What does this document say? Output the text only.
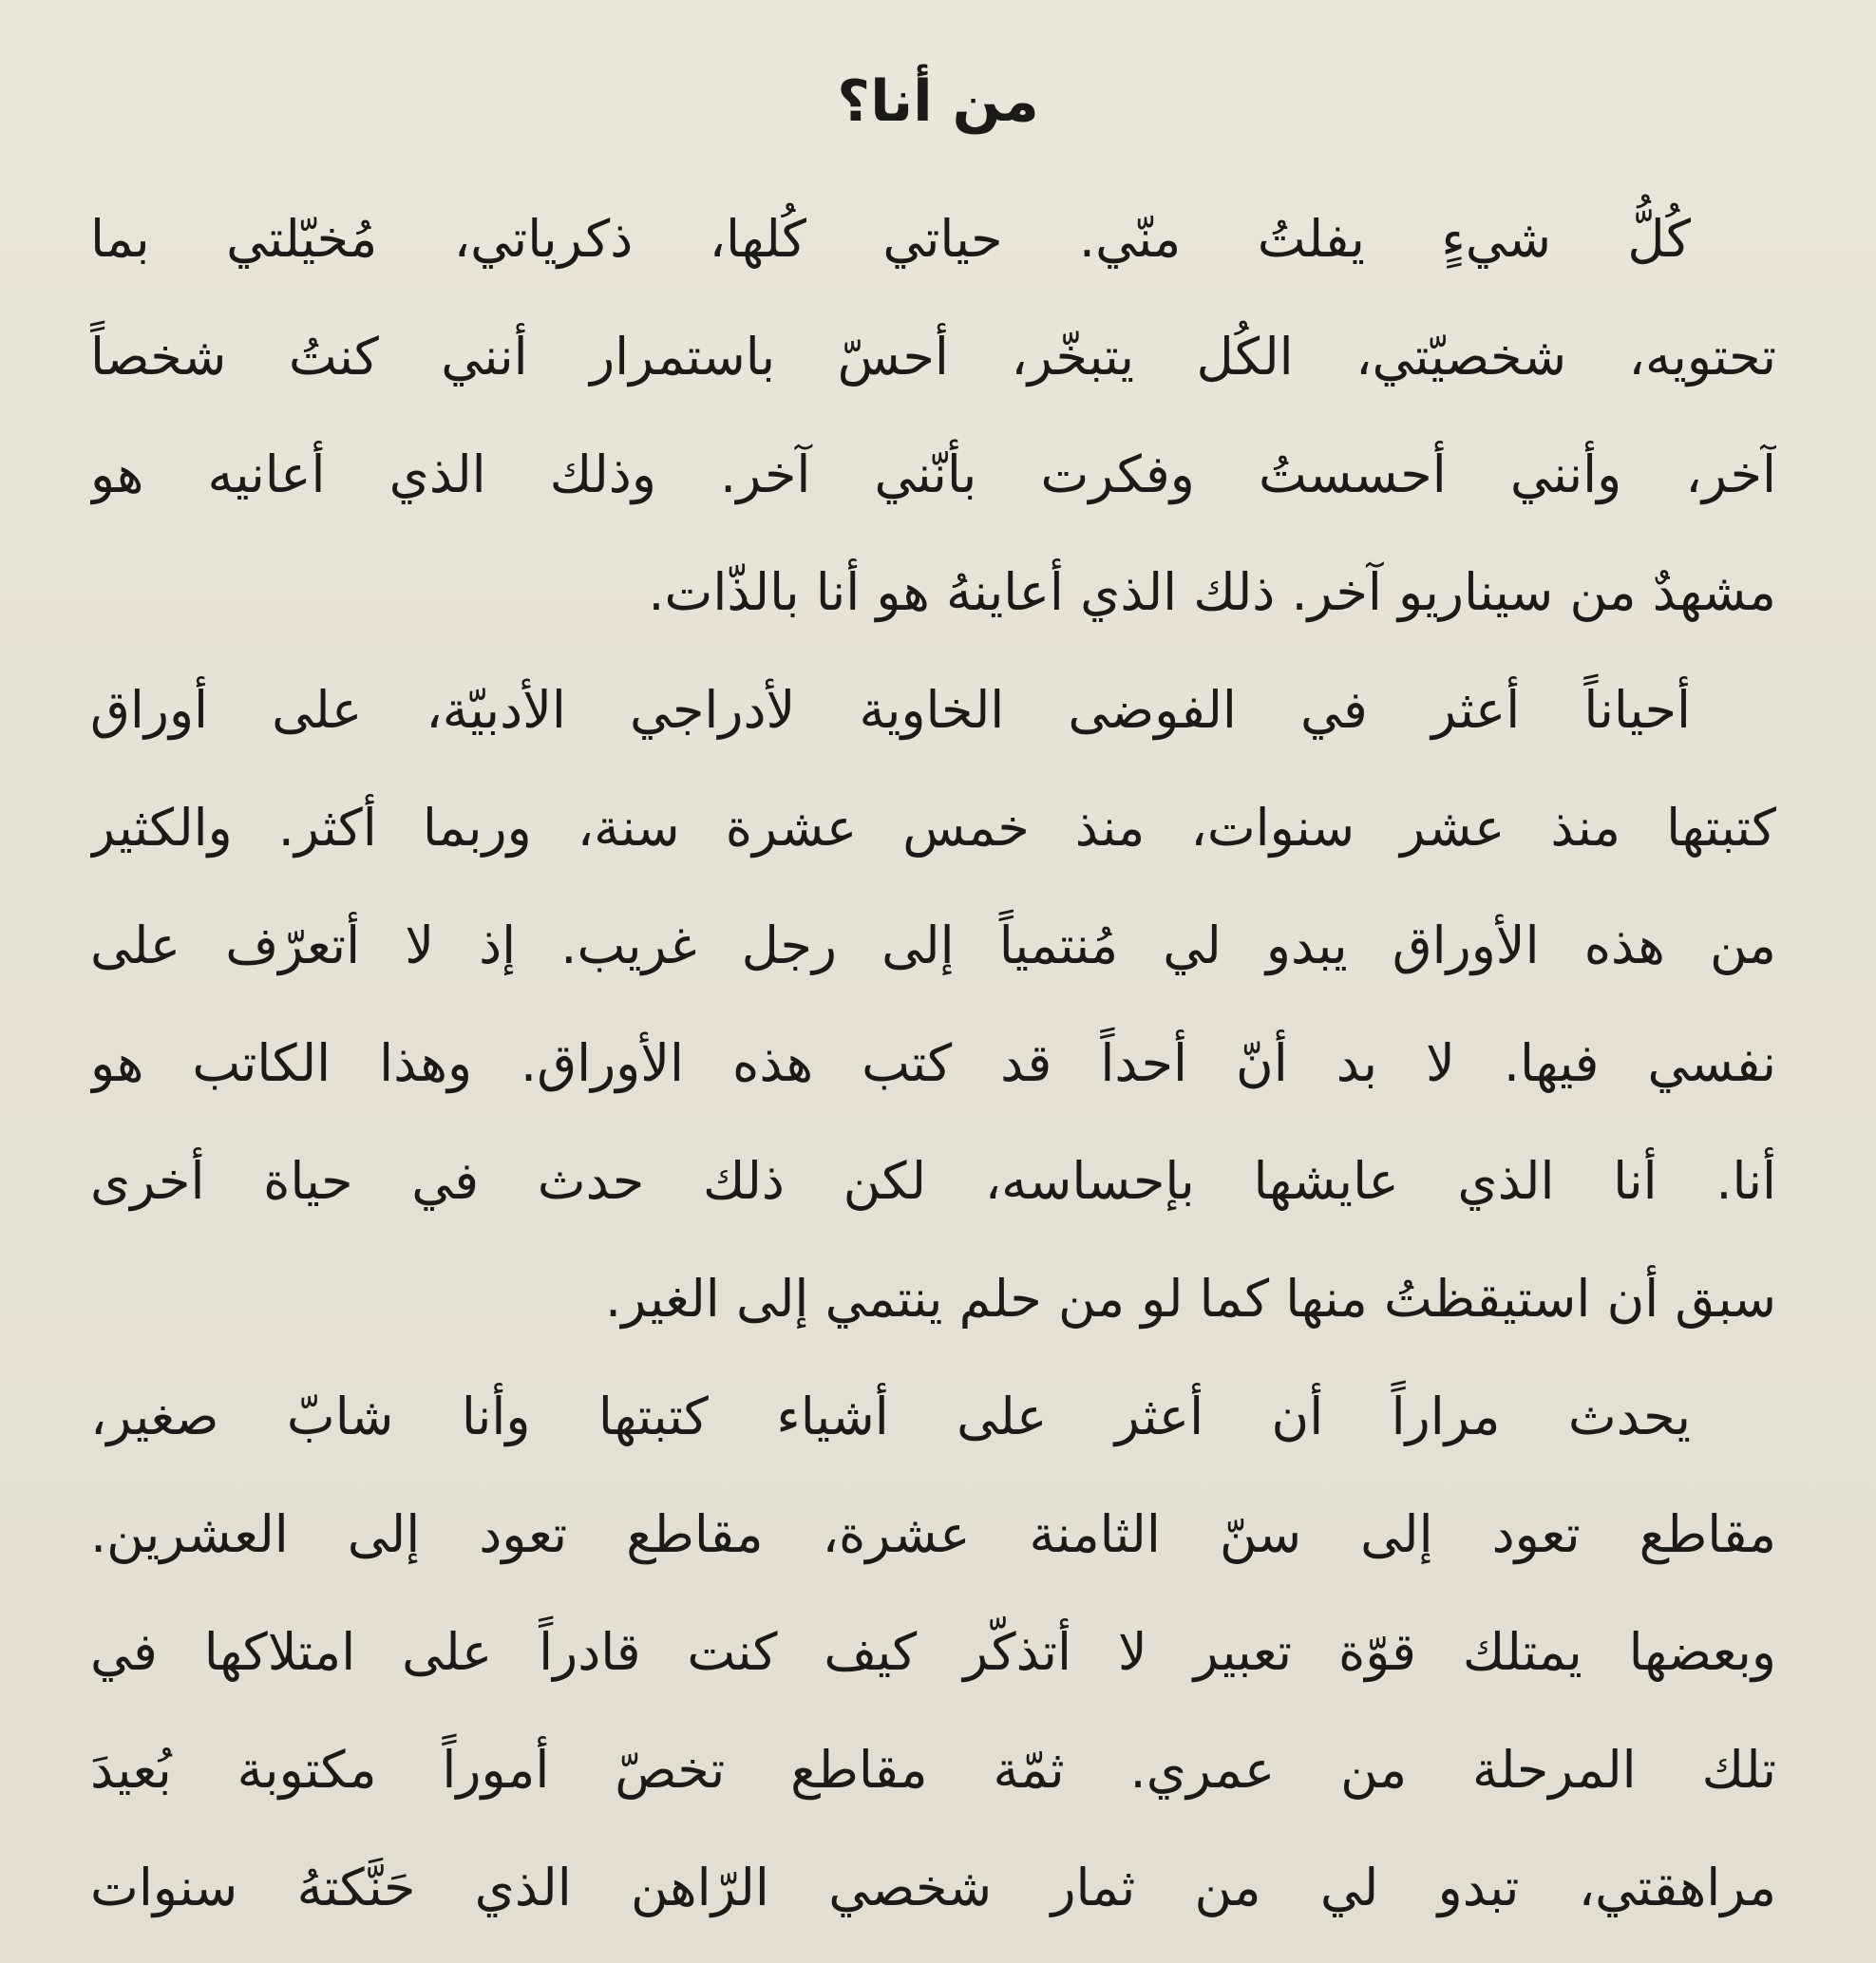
من أنا؟
كُلُّ شيءٍ يفلتُ منّي. حياتي كُلها، ذكرياتي، مُخيّلتي بما
تحتويه، شخصيّتي، الكُل يتبخّر، أحسّ باستمرار أنني كنتُ شخصاً
آخر، وأنني أحسستُ وفكرت بأنّني آخر. وذلك الذي أعانيه هو
مشهدٌ من سيناريو آخر. ذلك الذي أعاينهُ هو أنا بالذّات.
أحياناً أعثر في الفوضى الخاوية لأدراجي الأدبيّة، على أوراق
كتبتها منذ عشر سنوات، منذ خمس عشرة سنة، وربما أكثر. والكثير
من هذه الأوراق يبدو لي مُنتمياً إلى رجل غريب. إذ لا أتعرّف على
نفسي فيها. لا بد أنّ أحداً قد كتب هذه الأوراق. وهذا الكاتب هو
أنا. أنا الذي عايشها بإحساسه، لكن ذلك حدث في حياة أخرى
سبق أن استيقظتُ منها كما لو من حلم ينتمي إلى الغير.
يحدث مراراً أن أعثر على أشياء كتبتها وأنا شابّ صغير،
مقاطع تعود إلى سنّ الثامنة عشرة، مقاطع تعود إلى العشرين.
وبعضها يمتلك قوّة تعبير لا أتذكّر كيف كنت قادراً على امتلاكها في
تلك المرحلة من عمري. ثمّة مقاطع تخصّ أموراً مكتوبة بُعيدَ
مراهقتي، تبدو لي من ثمار شخصي الرّاهن الذي حَنَّكتهُ سنوات
